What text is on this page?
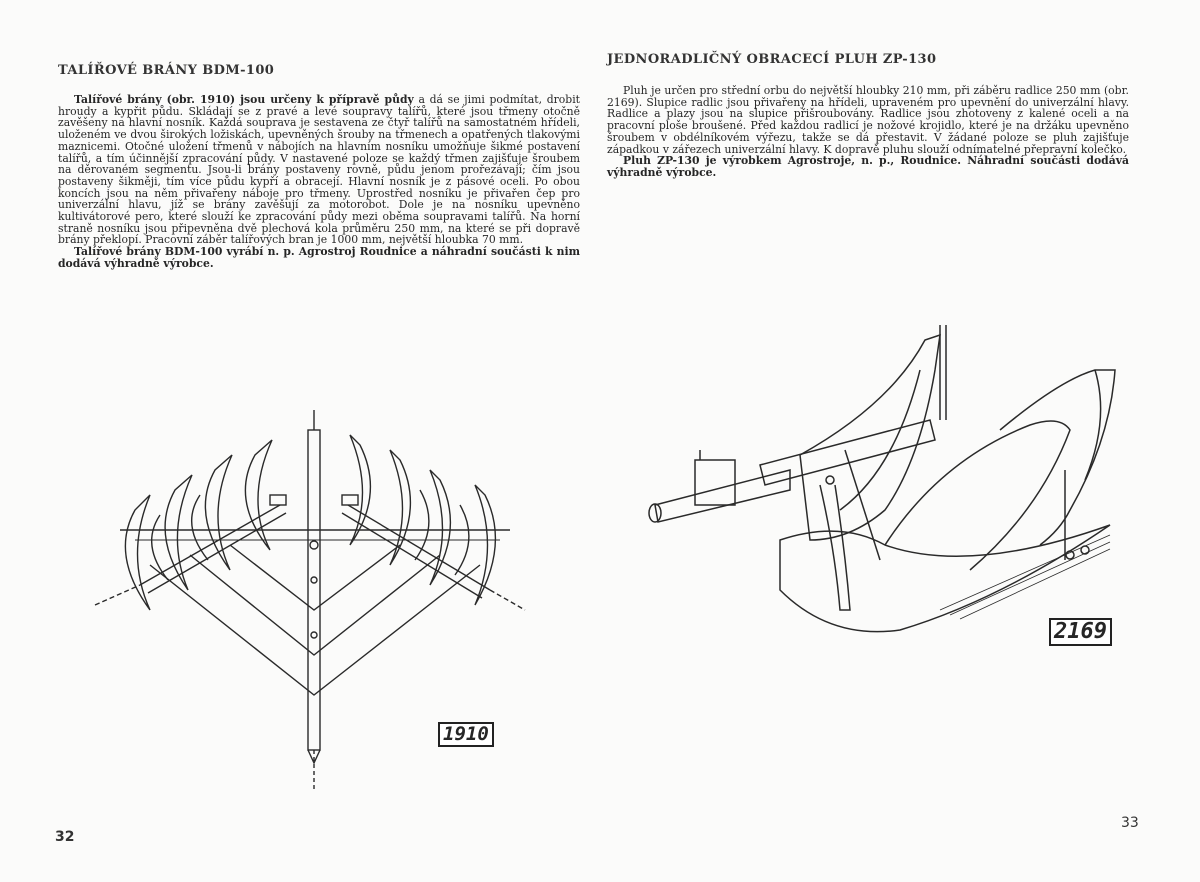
TALÍŘOVÉ BRÁNY BDM-100

Talířové brány (obr. 1910) jsou určeny k přípravě půdy a dá se jimi podmítat, drobit hroudy a kypřit půdu. Skládají se z pravé a levé soupravy talířů, které jsou třmeny otočně zavěšeny na hlavní nosník. Každá souprava je sestavena ze čtyř talířů na samostatném hřídeli, uloženém ve dvou širokých ložiskách, upevněných šrouby na třmenech a opatřených tlakovými maznicemi. Otočné uložení třmenů v nábojích na hlavním nosníku umožňuje šikmé postavení talířů, a tím účinnější zpracování půdy. V nastavené poloze se každý třmen zajišťuje šroubem na děrovaném segmentu. Jsou-li brány postaveny rovně, půdu jenom prořezávají; čím jsou postaveny šikměji, tím více půdu kypří a obracejí. Hlavní nosník je z pásové oceli. Po obou koncích jsou na něm přivařeny náboje pro třmeny. Uprostřed nosníku je přivařen čep pro univerzální hlavu, jíž se brány zavěšují za motorobot. Dole je na nosníku upevněno kultivátorové pero, které slouží ke zpracování půdy mezi oběma soupravami talířů. Na horní straně nosníku jsou připevněna dvě plechová kola průměru 250 mm, na které se při dopravě brány překlopí. Pracovní záběr talířových bran je 1000 mm, největší hloubka 70 mm.

Talířové brány BDM-100 vyrábí n. p. Agrostroj Roudnice a náhradní součásti k nim dodává výhradně výrobce.

1910
32
JEDNORADLIČNÝ OBRACECÍ PLUH ZP-130

Pluh je určen pro střední orbu do největší hloubky 210 mm, při záběru radlice 250 mm (obr. 2169). Slupice radlic jsou přivařeny na hřídeli, upraveném pro upevnění do univerzální hlavy. Radlice a plazy jsou na slupice přišroubovány. Radlice jsou zhotoveny z kalené oceli a na pracovní ploše broušené. Před každou radlicí je nožové krojidlo, které je na držáku upevněno šroubem v obdélníkovém výřezu, takže se dá přestavit. V žádané poloze se pluh zajišťuje západkou v zářezech univerzální hlavy. K dopravě pluhu slouží odnímatelné přepravní kolečko.

Pluh ZP-130 je výrobkem Agrostroje, n. p., Roudnice. Náhradní součásti dodává výhradně výrobce.

2169
33
